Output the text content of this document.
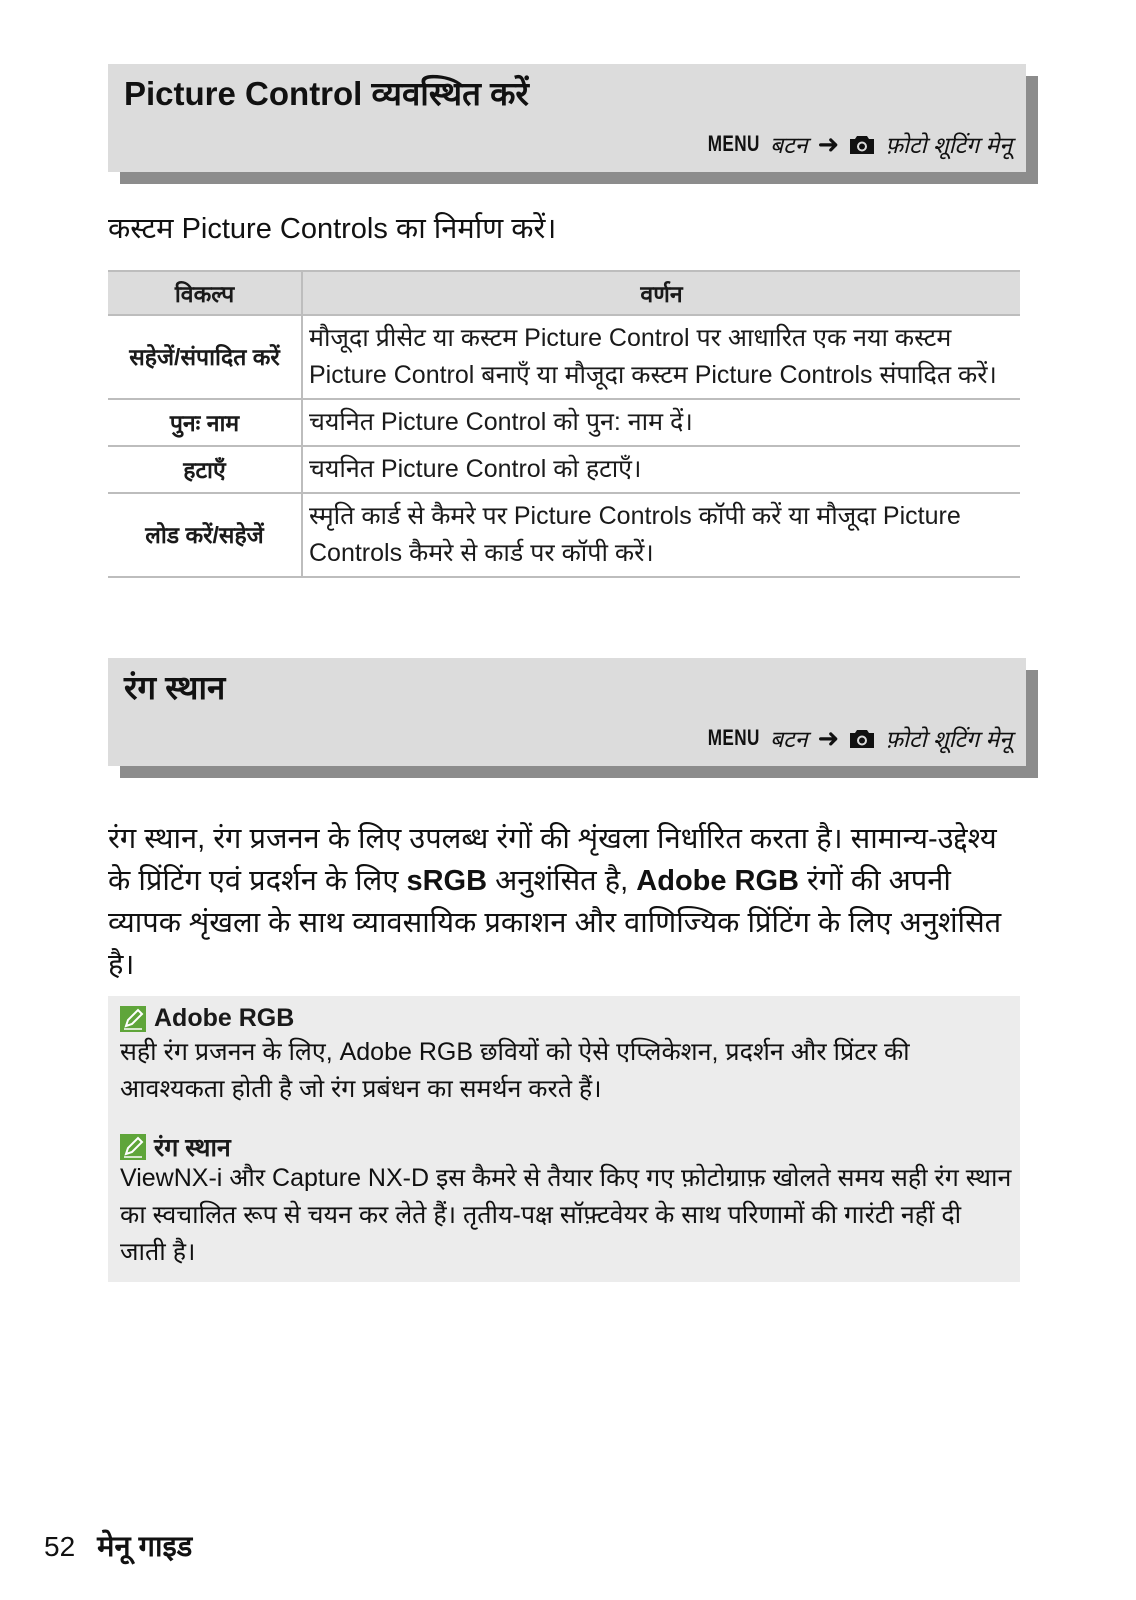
Picture Control व्यवस्थित करें
MENU बटन ➜ फ़ोटो शूटिंग मेनू
कस्टम Picture Controls का निर्माण करें।
विकल्प	वर्णन
सहेजें/संपादित करें	मौजूदा प्रीसेट या कस्टम Picture Control पर आधारित एक नया कस्टम Picture Control बनाएँ या मौजूदा कस्टम Picture Controls संपादित करें।
पुनः नाम	चयनित Picture Control को पुन: नाम दें।
हटाएँ	चयनित Picture Control को हटाएँ।
लोड करें/सहेजें	स्मृति कार्ड से कैमरे पर Picture Controls कॉपी करें या मौजूदा Picture Controls कैमरे से कार्ड पर कॉपी करें।
रंग स्थान
MENU बटन ➜ फ़ोटो शूटिंग मेनू
रंग स्थान, रंग प्रजनन के लिए उपलब्ध रंगों की शृंखला निर्धारित करता है। सामान्य-उद्देश्य के प्रिंटिंग एवं प्रदर्शन के लिए sRGB अनुशंसित है, Adobe RGB रंगों की अपनी व्यापक शृंखला के साथ व्यावसायिक प्रकाशन और वाणिज्यिक प्रिंटिंग के लिए अनुशंसित है।
Adobe RGB
सही रंग प्रजनन के लिए, Adobe RGB छवियों को ऐसे एप्लिकेशन, प्रदर्शन और प्रिंटर की आवश्यकता होती है जो रंग प्रबंधन का समर्थन करते हैं।
रंग स्थान
ViewNX-i और Capture NX-D इस कैमरे से तैयार किए गए फ़ोटोग्राफ़ खोलते समय सही रंग स्थान का स्वचालित रूप से चयन कर लेते हैं। तृतीय-पक्ष सॉफ़्टवेयर के साथ परिणामों की गारंटी नहीं दी जाती है।
52 मेनू गाइड
